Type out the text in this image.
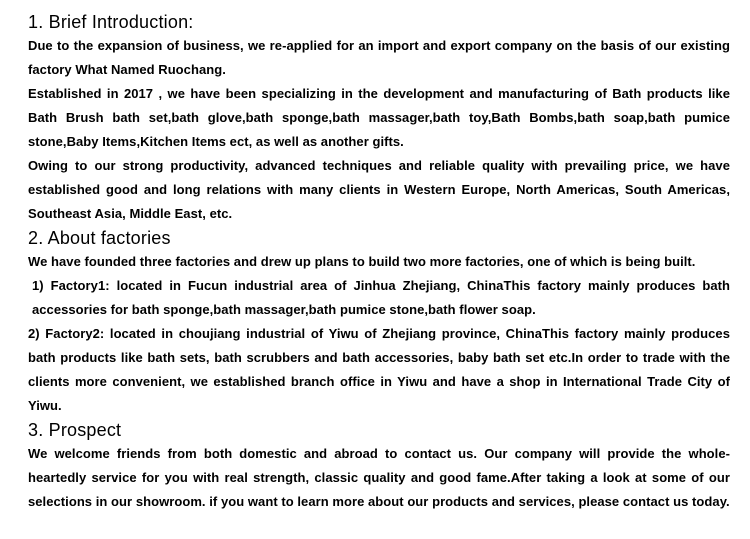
1. Brief Introduction:

Due to the expansion of business, we re-applied for an import and export company on the basis of our existing factory What Named Ruochang.

Established in 2017 , we have been specializing in the development and manufacturing of Bath products like Bath Brush bath set,bath glove,bath sponge,bath massager,bath toy,Bath Bombs,bath soap,bath pumice stone,Baby Items,Kitchen Items ect, as well as another gifts.

Owing to our strong productivity, advanced techniques and reliable quality with prevailing price, we have established good and long relations with many clients in Western Europe, North Americas, South Americas, Southeast Asia, Middle East, etc.

2. About factories

We have founded three factories and drew up plans to build two more factories, one of which is being built.

1) Factory1: located in Fucun industrial area of Jinhua Zhejiang, ChinaThis factory mainly produces bath accessories for bath sponge,bath massager,bath pumice stone,bath flower soap.

2) Factory2: located in choujiang industrial of Yiwu of Zhejiang province, ChinaThis factory mainly produces bath products like bath sets, bath scrubbers and bath accessories, baby bath set etc.In order to trade with the clients more convenient, we established branch office in Yiwu and have a shop in International Trade City of Yiwu.

3. Prospect

We welcome friends from both domestic and abroad to contact us. Our company will provide the whole-heartedly service for you with real strength, classic quality and good fame.After taking a look at some of our selections in our showroom. if you want to learn more about our products and services, please contact us today.
